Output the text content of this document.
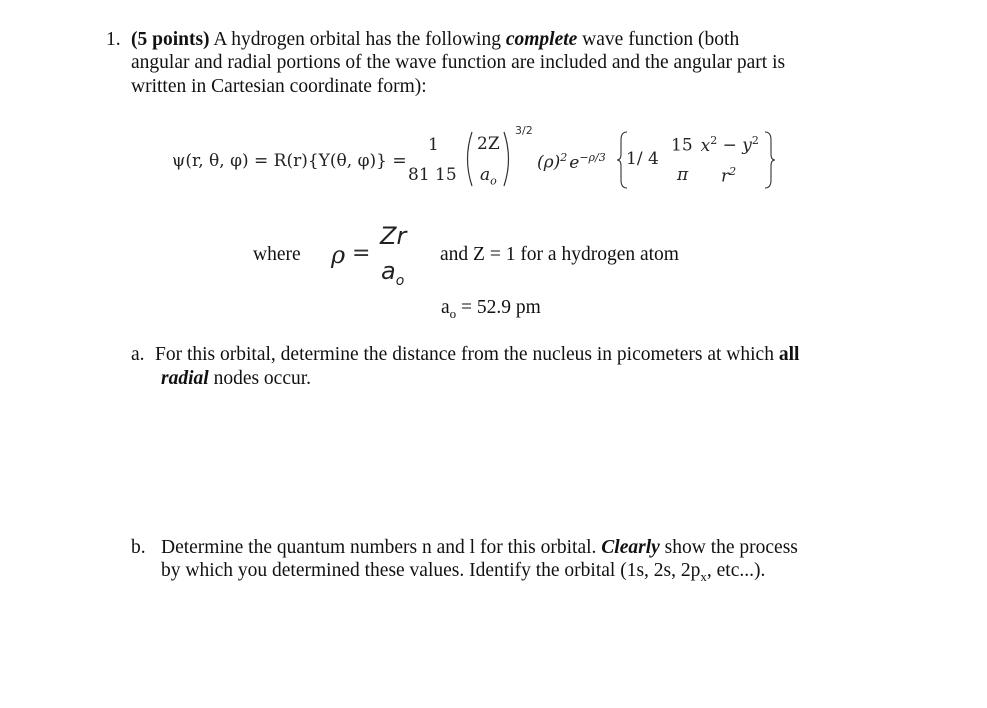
1. (5 points) A hydrogen orbital has the following complete wave function (both
angular and radial portions of the wave function are included and the angular part is
written in Cartesian coordinate form):
ψ(r, θ, φ) = R(r){Y(θ, φ)} =
1
81 15
2Z
$a_o$
3/2
$(\rho)^2$ $e^{-\rho/3}$ 1/ 4
15 $x^2 - y^2$
π $r^2$
where ρ =
Zr
$a_o$
and Z = 1 for a hydrogen atom
$a_o = 52.9$ pm
a. For this orbital, determine the distance from the nucleus in picometers at which all
radial nodes occur.
b. Determine the quantum numbers n and l for this orbital. Clearly show the process
by which you determined these values. Identify the orbital (1s, 2s, $2p_x$, etc...).
